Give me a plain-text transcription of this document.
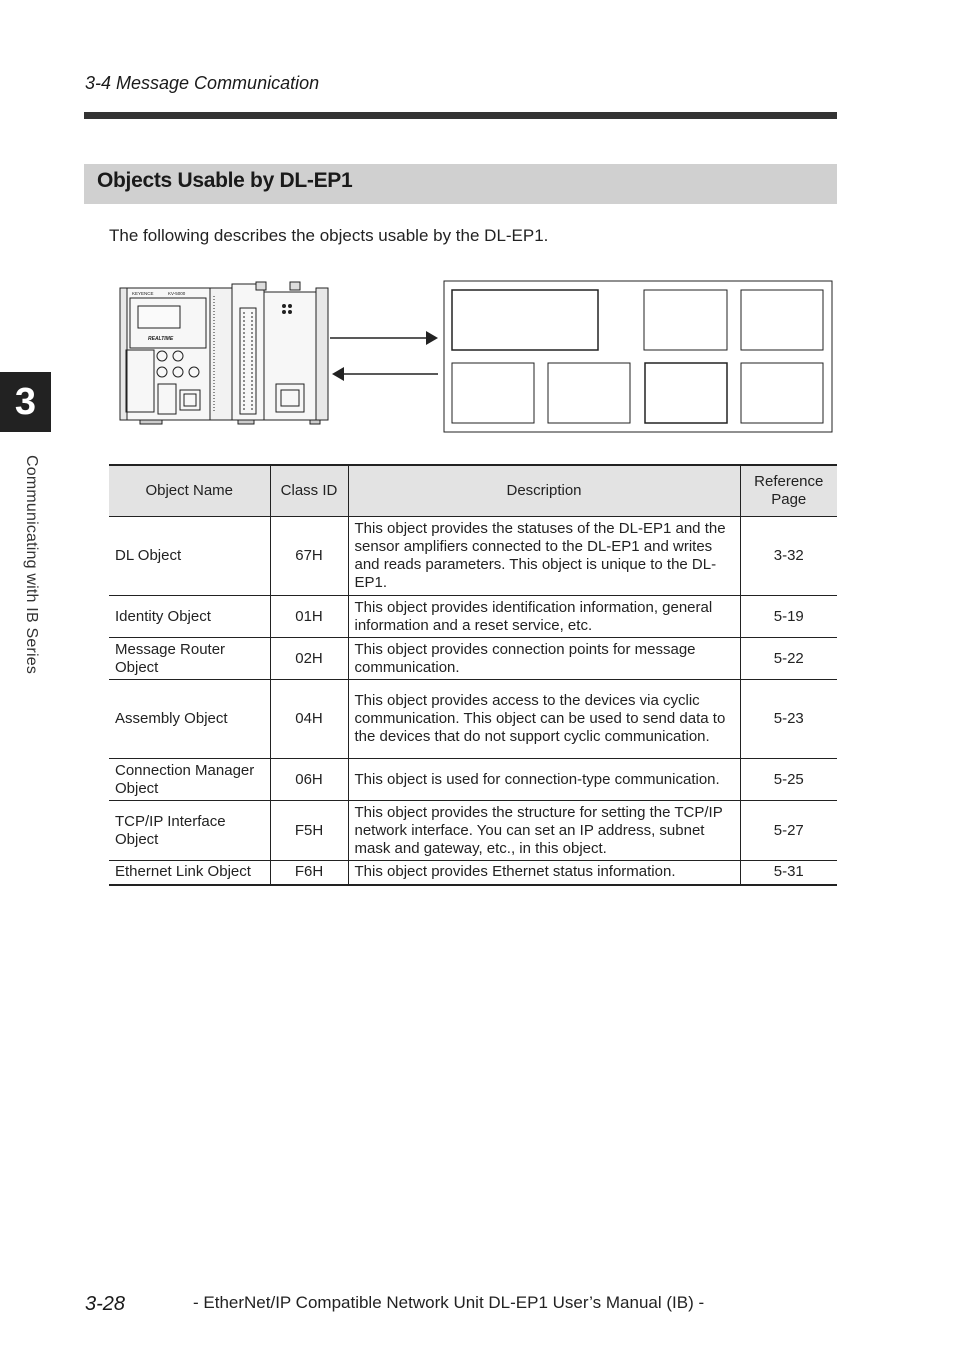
3-4 Message Communication
Objects Usable by DL-EP1
The following describes the objects usable by the DL-EP1.
3
Communicating with IB Series
KEYENCE	KV-5000
REALTIME
Object Name	Class ID	Description	Reference Page
DL Object	67H	This object provides the statuses of the DL-EP1 and the sensor amplifiers connected to the DL-EP1 and writes and reads parameters. This object is unique to the DL-EP1.	3-32
Identity Object	01H	This object provides identification information, general information and a reset service, etc.	5-19
Message Router Object	02H	This object provides connection points for message communication.	5-22
Assembly Object	04H	This object provides access to the devices via cyclic communication. This object can be used to send data to the devices that do not support cyclic communication.	5-23
Connection Manager Object	06H	This object is used for connection-type communication.	5-25
TCP/IP Interface Object	F5H	This object provides the structure for setting the TCP/IP network interface. You can set an IP address, subnet mask and gateway, etc., in this object.	5-27
Ethernet Link Object	F6H	This object provides Ethernet status information.	5-31
3-28	- EtherNet/IP Compatible Network Unit DL-EP1 User’s Manual (IB) -
